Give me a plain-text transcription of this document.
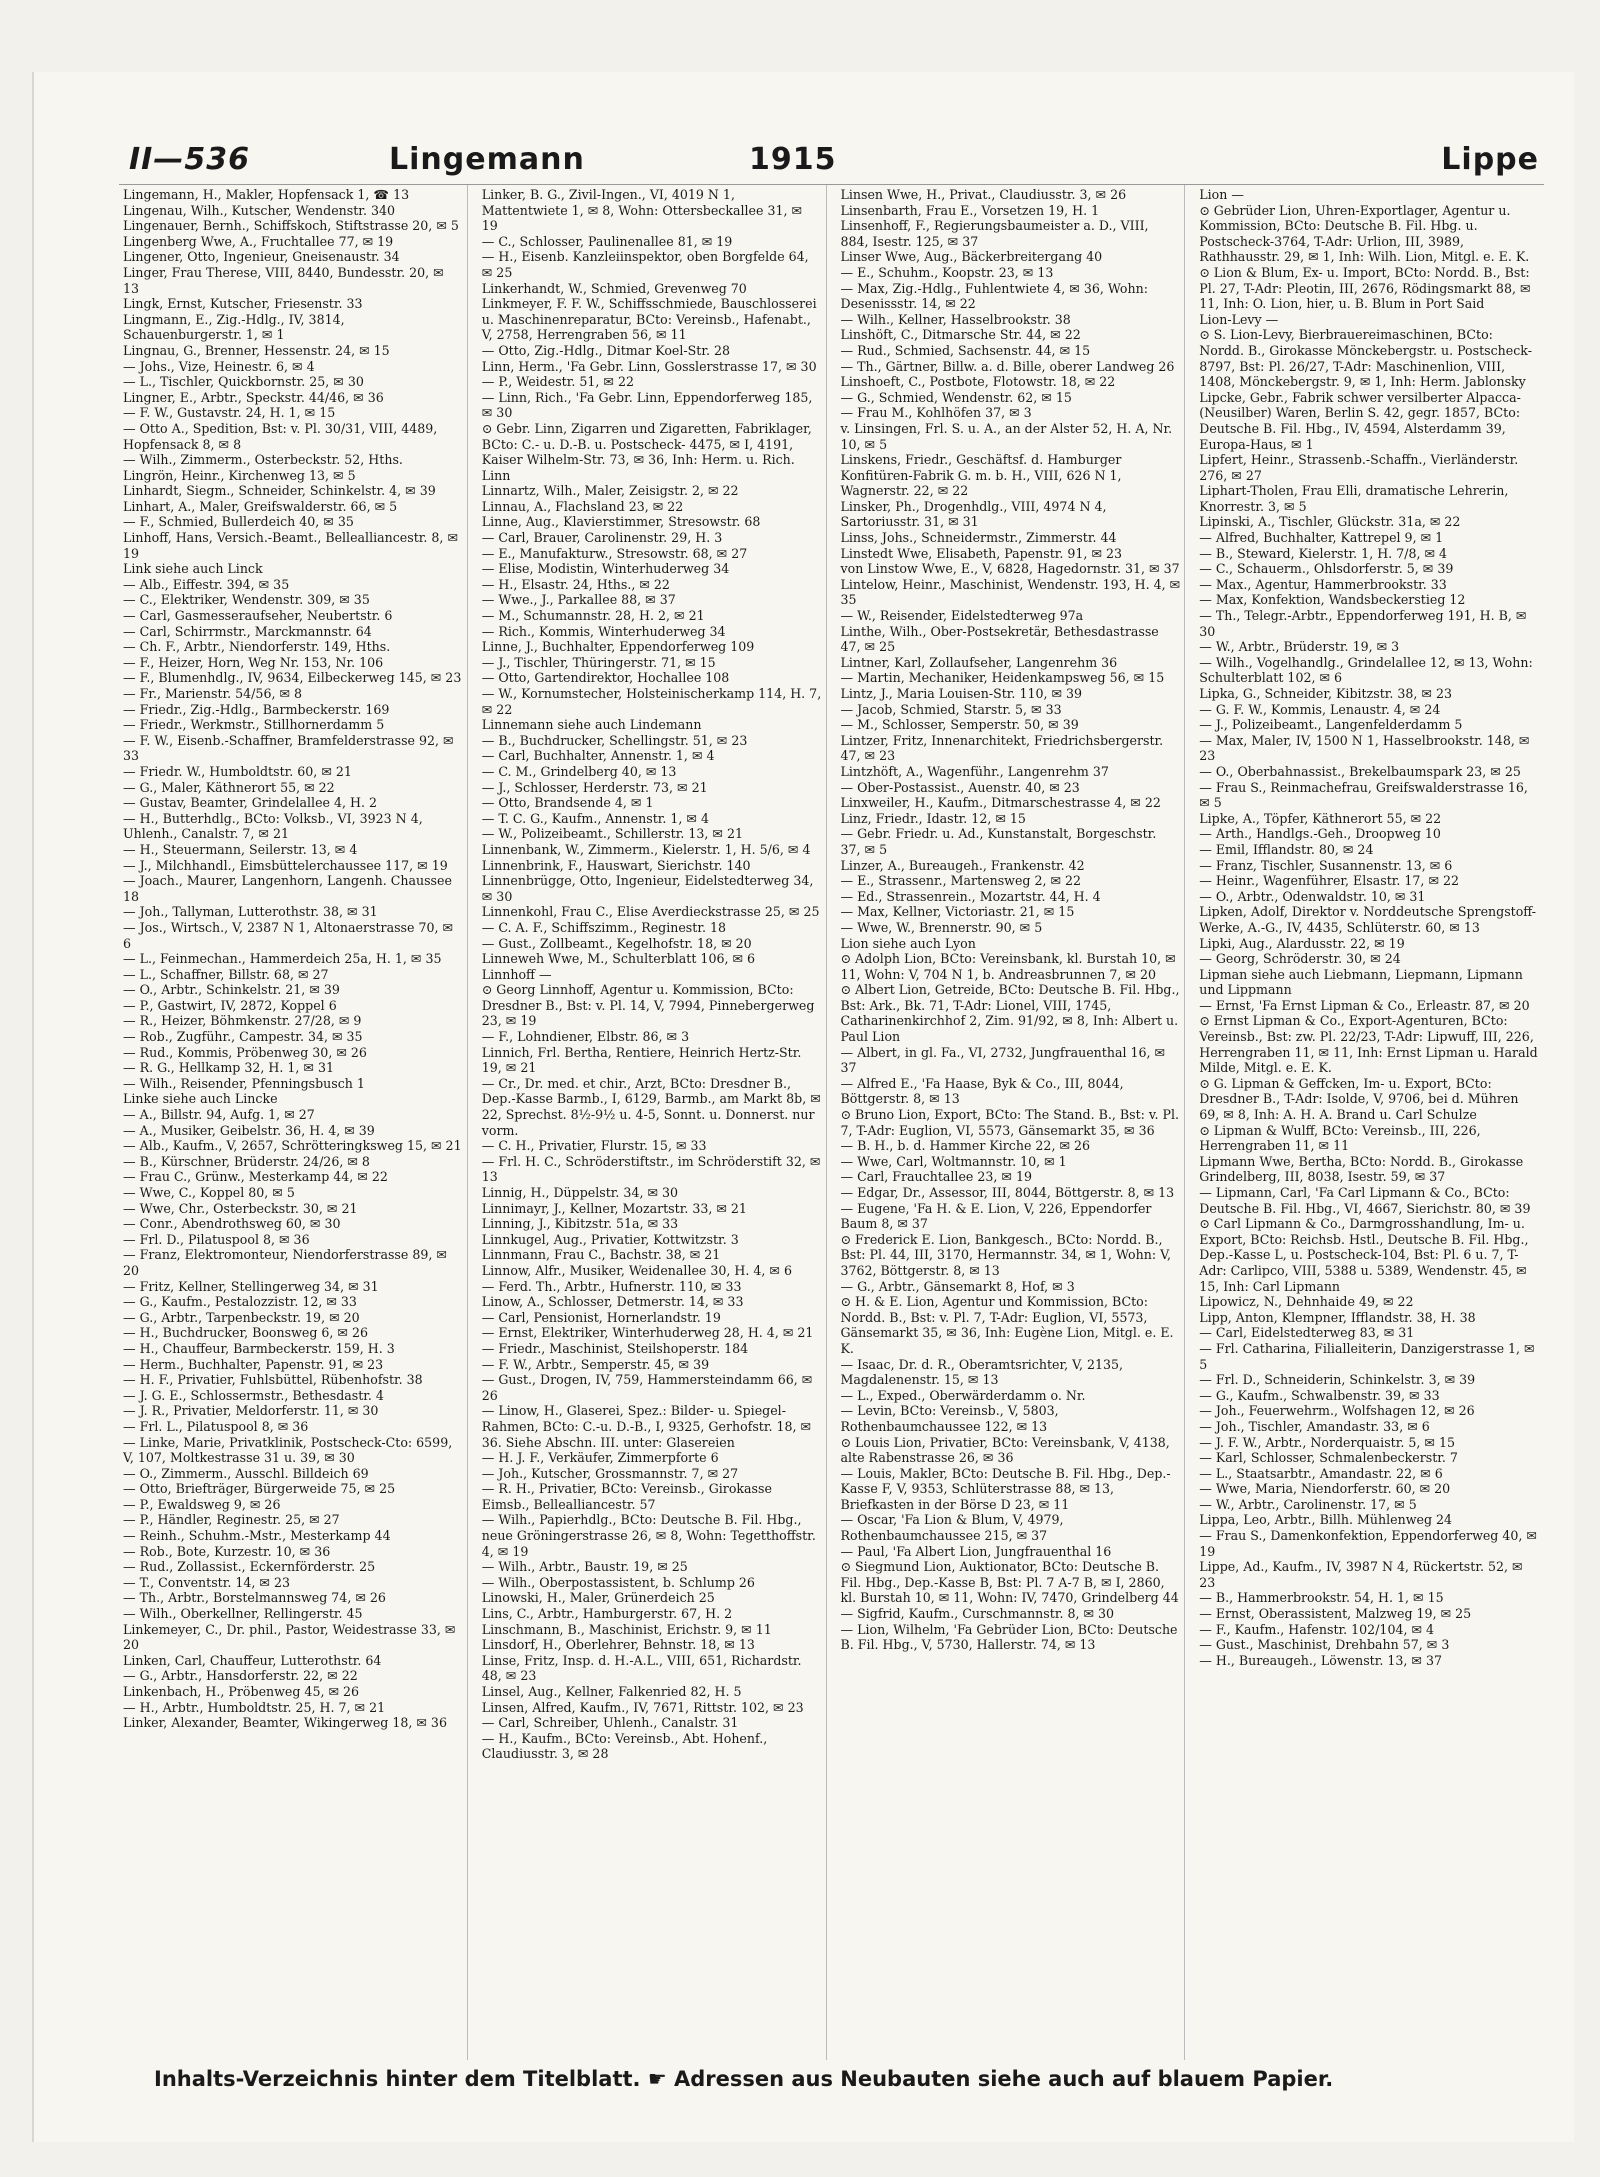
II—536	Lingemann	1915	Lippe

Lingemann, H., Makler, Hopfensack 1, ☎ 13

Lingenau, Wilh., Kutscher, Wendenstr. 340

Lingenauer, Bernh., Schiffskoch, Stiftstrasse 20, ✉ 5

Lingenberg Wwe, A., Fruchtallee 77, ✉ 19

Lingener, Otto, Ingenieur, Gneisenaustr. 34

Linger, Frau Therese, VIII, 8440, Bundesstr. 20, ✉ 13

Lingk, Ernst, Kutscher, Friesenstr. 33

Lingmann, E., Zig.-Hdlg., IV, 3814, Schauenburgerstr. 1, ✉ 1

Lingnau, G., Brenner, Hessenstr. 24, ✉ 15

— Johs., Vize, Heinestr. 6, ✉ 4

— L., Tischler, Quickbornstr. 25, ✉ 30

Lingner, E., Arbtr., Speckstr. 44/46, ✉ 36

— F. W., Gustavstr. 24, H. 1, ✉ 15

— Otto A., Spedition, Bst: v. Pl. 30/31, VIII, 4489, Hopfensack 8, ✉ 8

— Wilh., Zimmerm., Osterbeckstr. 52, Hths.

Lingrön, Heinr., Kirchenweg 13, ✉ 5

Linhardt, Siegm., Schneider, Schinkelstr. 4, ✉ 39

Linhart, A., Maler, Greifswalderstr. 66, ✉ 5

— F., Schmied, Bullerdeich 40, ✉ 35

Linhoff, Hans, Versich.-Beamt., Bellealliancestr. 8, ✉ 19

Link siehe auch Linck

— Alb., Eiffestr. 394, ✉ 35

— C., Elektriker, Wendenstr. 309, ✉ 35

— Carl, Gasmesseraufseher, Neubertstr. 6

— Carl, Schirrmstr., Marckmannstr. 64

— Ch. F., Arbtr., Niendorferstr. 149, Hths.

— F., Heizer, Horn, Weg Nr. 153, Nr. 106

— F., Blumenhdlg., IV, 9634, Eilbeckerweg 145, ✉ 23

— Fr., Marienstr. 54/56, ✉ 8

— Friedr., Zig.-Hdlg., Barmbeckerstr. 169

— Friedr., Werkmstr., Stillhornerdamm 5

— F. W., Eisenb.-Schaffner, Bramfelderstrasse 92, ✉ 33

— Friedr. W., Humboldtstr. 60, ✉ 21

— G., Maler, Käthnerort 55, ✉ 22

— Gustav, Beamter, Grindelallee 4, H. 2

— H., Butterhdlg., BCto: Volksb., VI, 3923 N 4, Uhlenh., Canalstr. 7, ✉ 21

— H., Steuermann, Seilerstr. 13, ✉ 4

— J., Milchhandl., Eimsbüttelerchaussee 117, ✉ 19

— Joach., Maurer, Langenhorn, Langenh. Chaussee 18

— Joh., Tallyman, Lutterothstr. 38, ✉ 31

— Jos., Wirtsch., V, 2387 N 1, Altonaerstrasse 70, ✉ 6

— L., Feinmechan., Hammerdeich 25a, H. 1, ✉ 35

— L., Schaffner, Billstr. 68, ✉ 27

— O., Arbtr., Schinkelstr. 21, ✉ 39

— P., Gastwirt, IV, 2872, Koppel 6

— R., Heizer, Böhmkenstr. 27/28, ✉ 9

— Rob., Zugführ., Campestr. 34, ✉ 35

— Rud., Kommis, Pröbenweg 30, ✉ 26

— R. G., Hellkamp 32, H. 1, ✉ 31

— Wilh., Reisender, Pfenningsbusch 1

Linke siehe auch Lincke

— A., Billstr. 94, Aufg. 1, ✉ 27

— A., Musiker, Geibelstr. 36, H. 4, ✉ 39

— Alb., Kaufm., V, 2657, Schrötteringksweg 15, ✉ 21

— B., Kürschner, Brüderstr. 24/26, ✉ 8

— Frau C., Grünw., Mesterkamp 44, ✉ 22

— Wwe, C., Koppel 80, ✉ 5

— Wwe, Chr., Osterbeckstr. 30, ✉ 21

— Conr., Abendrothsweg 60, ✉ 30

— Frl. D., Pilatuspool 8, ✉ 36

— Franz, Elektromonteur, Niendorferstrasse 89, ✉ 20

— Fritz, Kellner, Stellingerweg 34, ✉ 31

— G., Kaufm., Pestalozzistr. 12, ✉ 33

— G., Arbtr., Tarpenbeckstr. 19, ✉ 20

— H., Buchdrucker, Boonsweg 6, ✉ 26

— H., Chauffeur, Barmbeckerstr. 159, H. 3

— Herm., Buchhalter, Papenstr. 91, ✉ 23

— H. F., Privatier, Fuhlsbüttel, Rübenhofstr. 38

— J. G. E., Schlossermstr., Bethesdastr. 4

— J. R., Privatier, Meldorferstr. 11, ✉ 30

— Frl. L., Pilatuspool 8, ✉ 36

— Linke, Marie, Privatklinik, Postscheck-Cto: 6599, V, 107, Moltkestrasse 31 u. 39, ✉ 30

— O., Zimmerm., Ausschl. Billdeich 69

— Otto, Briefträger, Bürgerweide 75, ✉ 25

— P., Ewaldsweg 9, ✉ 26

— P., Händler, Reginestr. 25, ✉ 27

— Reinh., Schuhm.-Mstr., Mesterkamp 44

— Rob., Bote, Kurzestr. 10, ✉ 36

— Rud., Zollassist., Eckernförderstr. 25

— T., Conventstr. 14, ✉ 23

— Th., Arbtr., Borstelmannsweg 74, ✉ 26

— Wilh., Oberkellner, Rellingerstr. 45

Linkemeyer, C., Dr. phil., Pastor, Weidestrasse 33, ✉ 20

Linken, Carl, Chauffeur, Lutterothstr. 64

— G., Arbtr., Hansdorferstr. 22, ✉ 22

Linkenbach, H., Pröbenweg 45, ✉ 26

— H., Arbtr., Humboldtstr. 25, H. 7, ✉ 21

Linker, Alexander, Beamter, Wikingerweg 18, ✉ 36

Linker, B. G., Zivil-Ingen., VI, 4019 N 1, Mattentwiete 1, ✉ 8, Wohn: Ottersbeckallee 31, ✉ 19

— C., Schlosser, Paulinenallee 81, ✉ 19

— H., Eisenb. Kanzleiinspektor, oben Borgfelde 64, ✉ 25

Linkerhandt, W., Schmied, Grevenweg 70

Linkmeyer, F. F. W., Schiffsschmiede, Bauschlosserei u. Maschinenreparatur, BCto: Vereinsb., Hafenabt., V, 2758, Herrengraben 56, ✉ 11

— Otto, Zig.-Hdlg., Ditmar Koel-Str. 28

Linn, Herm., 'Fa Gebr. Linn, Gosslerstrasse 17, ✉ 30

— P., Weidestr. 51, ✉ 22

— Linn, Rich., 'Fa Gebr. Linn, Eppendorferweg 185, ✉ 30

⊙ Gebr. Linn, Zigarren und Zigaretten, Fabriklager, BCto: C.- u. D.-B. u. Postscheck- 4475, ✉ I, 4191, Kaiser Wilhelm-Str. 73, ✉ 36, Inh: Herm. u. Rich. Linn

Linnartz, Wilh., Maler, Zeisigstr. 2, ✉ 22

Linnau, A., Flachsland 23, ✉ 22

Linne, Aug., Klavierstimmer, Stresowstr. 68

— Carl, Brauer, Carolinenstr. 29, H. 3

— E., Manufakturw., Stresowstr. 68, ✉ 27

— Elise, Modistin, Winterhuderweg 34

— H., Elsastr. 24, Hths., ✉ 22

— Wwe., J., Parkallee 88, ✉ 37

— M., Schumannstr. 28, H. 2, ✉ 21

— Rich., Kommis, Winterhuderweg 34

Linne, J., Buchhalter, Eppendorferweg 109

— J., Tischler, Thüringerstr. 71, ✉ 15

— Otto, Gartendirektor, Hochallee 108

— W., Kornumstecher, Holsteinischerkamp 114, H. 7, ✉ 22

Linnemann siehe auch Lindemann

— B., Buchdrucker, Schellingstr. 51, ✉ 23

— Carl, Buchhalter, Annenstr. 1, ✉ 4

— C. M., Grindelberg 40, ✉ 13

— J., Schlosser, Herderstr. 73, ✉ 21

— Otto, Brandsende 4, ✉ 1

— T. C. G., Kaufm., Annenstr. 1, ✉ 4

— W., Polizeibeamt., Schillerstr. 13, ✉ 21

Linnenbank, W., Zimmerm., Kielerstr. 1, H. 5/6, ✉ 4

Linnenbrink, F., Hauswart, Sierichstr. 140

Linnenbrügge, Otto, Ingenieur, Eidelstedterweg 34, ✉ 30

Linnenkohl, Frau C., Elise Averdieckstrasse 25, ✉ 25

— C. A. F., Schiffszimm., Reginestr. 18

— Gust., Zollbeamt., Kegelhofstr. 18, ✉ 20

Linneweh Wwe, M., Schulterblatt 106, ✉ 6

Linnhoff —

⊙ Georg Linnhoff, Agentur u. Kommission, BCto: Dresdner B., Bst: v. Pl. 14, V, 7994, Pinnebergerweg 23, ✉ 19

— F., Lohndiener, Elbstr. 86, ✉ 3

Linnich, Frl. Bertha, Rentiere, Heinrich Hertz-Str. 19, ✉ 21

— Cr., Dr. med. et chir., Arzt, BCto: Dresdner B., Dep.-Kasse Barmb., I, 6129, Barmb., am Markt 8b, ✉ 22, Sprechst. 8½-9½ u. 4-5, Sonnt. u. Donnerst. nur vorm.

— C. H., Privatier, Flurstr. 15, ✉ 33

— Frl. H. C., Schröderstiftstr., im Schröderstift 32, ✉ 13

Linnig, H., Düppelstr. 34, ✉ 30

Linnimayr, J., Kellner, Mozartstr. 33, ✉ 21

Linning, J., Kibitzstr. 51a, ✉ 33

Linnkugel, Aug., Privatier, Kottwitzstr. 3

Linnmann, Frau C., Bachstr. 38, ✉ 21

Linnow, Alfr., Musiker, Weidenallee 30, H. 4, ✉ 6

— Ferd. Th., Arbtr., Hufnerstr. 110, ✉ 33

Linow, A., Schlosser, Detmerstr. 14, ✉ 33

— Carl, Pensionist, Hornerlandstr. 19

— Ernst, Elektriker, Winterhuderweg 28, H. 4, ✉ 21

— Friedr., Maschinist, Steilshoperstr. 184

— F. W., Arbtr., Semperstr. 45, ✉ 39

— Gust., Drogen, IV, 759, Hammersteindamm 66, ✉ 26

— Linow, H., Glaserei, Spez.: Bilder- u. Spiegel-Rahmen, BCto: C.-u. D.-B., I, 9325, Gerhofstr. 18, ✉ 36. Siehe Abschn. III. unter: Glasereien

— H. J. F., Verkäufer, Zimmerpforte 6

— Joh., Kutscher, Grossmannstr. 7, ✉ 27

— R. H., Privatier, BCto: Vereinsb., Girokasse Eimsb., Bellealliancestr. 57

— Wilh., Papierhdlg., BCto: Deutsche B. Fil. Hbg., neue Gröningerstrasse 26, ✉ 8, Wohn: Tegetthoffstr. 4, ✉ 19

— Wilh., Arbtr., Baustr. 19, ✉ 25

— Wilh., Oberpostassistent, b. Schlump 26

Linowski, H., Maler, Grünerdeich 25

Lins, C., Arbtr., Hamburgerstr. 67, H. 2

Linschmann, B., Maschinist, Erichstr. 9, ✉ 11

Linsdorf, H., Oberlehrer, Behnstr. 18, ✉ 13

Linse, Fritz, Insp. d. H.-A.L., VIII, 651, Richardstr. 48, ✉ 23

Linsel, Aug., Kellner, Falkenried 82, H. 5

Linsen, Alfred, Kaufm., IV, 7671, Rittstr. 102, ✉ 23

— Carl, Schreiber, Uhlenh., Canalstr. 31

— H., Kaufm., BCto: Vereinsb., Abt. Hohenf., Claudiusstr. 3, ✉ 28

Linsen Wwe, H., Privat., Claudiusstr. 3, ✉ 26

Linsenbarth, Frau E., Vorsetzen 19, H. 1

Linsenhoff, F., Regierungsbaumeister a. D., VIII, 884, Isestr. 125, ✉ 37

Linser Wwe, Aug., Bäckerbreitergang 40

— E., Schuhm., Koopstr. 23, ✉ 13

— Max, Zig.-Hdlg., Fuhlentwiete 4, ✉ 36, Wohn: Desenissstr. 14, ✉ 22

— Wilh., Kellner, Hasselbrookstr. 38

Linshöft, C., Ditmarsche Str. 44, ✉ 22

— Rud., Schmied, Sachsenstr. 44, ✉ 15

— Th., Gärtner, Billw. a. d. Bille, oberer Landweg 26

Linshoeft, C., Postbote, Flotowstr. 18, ✉ 22

— G., Schmied, Wendenstr. 62, ✉ 15

— Frau M., Kohlhöfen 37, ✉ 3

v. Linsingen, Frl. S. u. A., an der Alster 52, H. A, Nr. 10, ✉ 5

Linskens, Friedr., Geschäftsf. d. Hamburger Konfitüren-Fabrik G. m. b. H., VIII, 626 N 1, Wagnerstr. 22, ✉ 22

Linsker, Ph., Drogenhdlg., VIII, 4974 N 4, Sartoriusstr. 31, ✉ 31

Linss, Johs., Schneidermstr., Zimmerstr. 44

Linstedt Wwe, Elisabeth, Papenstr. 91, ✉ 23

von Linstow Wwe, E., V, 6828, Hagedornstr. 31, ✉ 37

Lintelow, Heinr., Maschinist, Wendenstr. 193, H. 4, ✉ 35

— W., Reisender, Eidelstedterweg 97a

Linthe, Wilh., Ober-Postsekretär, Bethesdastrasse 47, ✉ 25

Lintner, Karl, Zollaufseher, Langenrehm 36

— Martin, Mechaniker, Heidenkampsweg 56, ✉ 15

Lintz, J., Maria Louisen-Str. 110, ✉ 39

— Jacob, Schmied, Starstr. 5, ✉ 33

— M., Schlosser, Semperstr. 50, ✉ 39

Lintzer, Fritz, Innenarchitekt, Friedrichsbergerstr. 47, ✉ 23

Lintzhöft, A., Wagenführ., Langenrehm 37

— Ober-Postassist., Auenstr. 40, ✉ 23

Linxweiler, H., Kaufm., Ditmarschestrasse 4, ✉ 22

Linz, Friedr., Idastr. 12, ✉ 15

— Gebr. Friedr. u. Ad., Kunstanstalt, Borgeschstr. 37, ✉ 5

Linzer, A., Bureaugeh., Frankenstr. 42

— E., Strassenr., Martensweg 2, ✉ 22

— Ed., Strassenrein., Mozartstr. 44, H. 4

— Max, Kellner, Victoriastr. 21, ✉ 15

— Wwe, W., Brennerstr. 90, ✉ 5

Lion siehe auch Lyon

⊙ Adolph Lion, BCto: Vereinsbank, kl. Burstah 10, ✉ 11, Wohn: V, 704 N 1, b. Andreasbrunnen 7, ✉ 20

⊙ Albert Lion, Getreide, BCto: Deutsche B. Fil. Hbg., Bst: Ark., Bk. 71, T-Adr: Lionel, VIII, 1745, Catharinenkirchhof 2, Zim. 91/92, ✉ 8, Inh: Albert u. Paul Lion

— Albert, in gl. Fa., VI, 2732, Jungfrauenthal 16, ✉ 37

— Alfred E., 'Fa Haase, Byk & Co., III, 8044, Böttgerstr. 8, ✉ 13

⊙ Bruno Lion, Export, BCto: The Stand. B., Bst: v. Pl. 7, T-Adr: Euglion, VI, 5573, Gänsemarkt 35, ✉ 36

— B. H., b. d. Hammer Kirche 22, ✉ 26

— Wwe, Carl, Woltmannstr. 10, ✉ 1

— Carl, Frauchtallee 23, ✉ 19

— Edgar, Dr., Assessor, III, 8044, Böttgerstr. 8, ✉ 13

— Eugene, 'Fa H. & E. Lion, V, 226, Eppendorfer Baum 8, ✉ 37

⊙ Frederick E. Lion, Bankgesch., BCto: Nordd. B., Bst: Pl. 44, III, 3170, Hermannstr. 34, ✉ 1, Wohn: V, 3762, Böttgerstr. 8, ✉ 13

— G., Arbtr., Gänsemarkt 8, Hof, ✉ 3

⊙ H. & E. Lion, Agentur und Kommission, BCto: Nordd. B., Bst: v. Pl. 7, T-Adr: Euglion, VI, 5573, Gänsemarkt 35, ✉ 36, Inh: Eugène Lion, Mitgl. e. E. K.

— Isaac, Dr. d. R., Oberamtsrichter, V, 2135, Magdalenenstr. 15, ✉ 13

— L., Exped., Oberwärderdamm o. Nr.

— Levin, BCto: Vereinsb., V, 5803, Rothenbaumchaussee 122, ✉ 13

⊙ Louis Lion, Privatier, BCto: Vereinsbank, V, 4138, alte Rabenstrasse 26, ✉ 36

— Louis, Makler, BCto: Deutsche B. Fil. Hbg., Dep.-Kasse F, V, 9353, Schlüterstrasse 88, ✉ 13, Briefkasten in der Börse D 23, ✉ 11

— Oscar, 'Fa Lion & Blum, V, 4979, Rothenbaumchaussee 215, ✉ 37

— Paul, 'Fa Albert Lion, Jungfrauenthal 16

⊙ Siegmund Lion, Auktionator, BCto: Deutsche B. Fil. Hbg., Dep.-Kasse B, Bst: Pl. 7 A-7 B, ✉ I, 2860, kl. Burstah 10, ✉ 11, Wohn: IV, 7470, Grindelberg 44

— Sigfrid, Kaufm., Curschmannstr. 8, ✉ 30

— Lion, Wilhelm, 'Fa Gebrüder Lion, BCto: Deutsche B. Fil. Hbg., V, 5730, Hallerstr. 74, ✉ 13

Lion —

⊙ Gebrüder Lion, Uhren-Exportlager, Agentur u. Kommission, BCto: Deutsche B. Fil. Hbg. u. Postscheck-3764, T-Adr: Urlion, III, 3989, Rathhausstr. 29, ✉ 1, Inh: Wilh. Lion, Mitgl. e. E. K.

⊙ Lion & Blum, Ex- u. Import, BCto: Nordd. B., Bst: Pl. 27, T-Adr: Pleotin, III, 2676, Rödingsmarkt 88, ✉ 11, Inh: O. Lion, hier, u. B. Blum in Port Said

Lion-Levy —

⊙ S. Lion-Levy, Bierbrauereimaschinen, BCto: Nordd. B., Girokasse Mönckebergstr. u. Postscheck- 8797, Bst: Pl. 26/27, T-Adr: Maschinenlion, VIII, 1408, Mönckebergstr. 9, ✉ 1, Inh: Herm. Jablonsky

Lipcke, Gebr., Fabrik schwer versilberter Alpacca-(Neusilber) Waren, Berlin S. 42, gegr. 1857, BCto: Deutsche B. Fil. Hbg., IV, 4594, Alsterdamm 39, Europa-Haus, ✉ 1

Lipfert, Heinr., Strassenb.-Schaffn., Vierländerstr. 276, ✉ 27

Liphart-Tholen, Frau Elli, dramatische Lehrerin, Knorrestr. 3, ✉ 5

Lipinski, A., Tischler, Glückstr. 31a, ✉ 22

— Alfred, Buchhalter, Kattrepel 9, ✉ 1

— B., Steward, Kielerstr. 1, H. 7/8, ✉ 4

— C., Schauerm., Ohlsdorferstr. 5, ✉ 39

— Max., Agentur, Hammerbrookstr. 33

— Max, Konfektion, Wandsbeckerstieg 12

— Th., Telegr.-Arbtr., Eppendorferweg 191, H. B, ✉ 30

— W., Arbtr., Brüderstr. 19, ✉ 3

— Wilh., Vogelhandlg., Grindelallee 12, ✉ 13, Wohn: Schulterblatt 102, ✉ 6

Lipka, G., Schneider, Kibitzstr. 38, ✉ 23

— G. F. W., Kommis, Lenaustr. 4, ✉ 24

— J., Polizeibeamt., Langenfelderdamm 5

— Max, Maler, IV, 1500 N 1, Hasselbrookstr. 148, ✉ 23

— O., Oberbahnassist., Brekelbaumspark 23, ✉ 25

— Frau S., Reinmachefrau, Greifswalderstrasse 16, ✉ 5

Lipke, A., Töpfer, Käthnerort 55, ✉ 22

— Arth., Handlgs.-Geh., Droopweg 10

— Emil, Ifflandstr. 80, ✉ 24

— Franz, Tischler, Susannenstr. 13, ✉ 6

— Heinr., Wagenführer, Elsastr. 17, ✉ 22

— O., Arbtr., Odenwaldstr. 10, ✉ 31

Lipken, Adolf, Direktor v. Norddeutsche Sprengstoff-Werke, A.-G., IV, 4435, Schlüterstr. 60, ✉ 13

Lipki, Aug., Alardusstr. 22, ✉ 19

— Georg, Schröderstr. 30, ✉ 24

Lipman siehe auch Liebmann, Liepmann, Lipmann und Lippmann

— Ernst, 'Fa Ernst Lipman & Co., Erleastr. 87, ✉ 20

⊙ Ernst Lipman & Co., Export-Agenturen, BCto: Vereinsb., Bst: zw. Pl. 22/23, T-Adr: Lipwuff, III, 226, Herrengraben 11, ✉ 11, Inh: Ernst Lipman u. Harald Milde, Mitgl. e. E. K.

⊙ G. Lipman & Geffcken, Im- u. Export, BCto: Dresdner B., T-Adr: Isolde, V, 9706, bei d. Mühren 69, ✉ 8, Inh: A. H. A. Brand u. Carl Schulze

⊙ Lipman & Wulff, BCto: Vereinsb., III, 226, Herrengraben 11, ✉ 11

Lipmann Wwe, Bertha, BCto: Nordd. B., Girokasse Grindelberg, III, 8038, Isestr. 59, ✉ 37

— Lipmann, Carl, 'Fa Carl Lipmann & Co., BCto: Deutsche B. Fil. Hbg., VI, 4667, Sierichstr. 80, ✉ 39

⊙ Carl Lipmann & Co., Darmgrosshandlung, Im- u. Export, BCto: Reichsb. Hstl., Deutsche B. Fil. Hbg., Dep.-Kasse L, u. Postscheck-104, Bst: Pl. 6 u. 7, T-Adr: Carlipco, VIII, 5388 u. 5389, Wendenstr. 45, ✉ 15, Inh: Carl Lipmann

Lipowicz, N., Dehnhaide 49, ✉ 22

Lipp, Anton, Klempner, Ifflandstr. 38, H. 38

— Carl, Eidelstedterweg 83, ✉ 31

— Frl. Catharina, Filialleiterin, Danzigerstrasse 1, ✉ 5

— Frl. D., Schneiderin, Schinkelstr. 3, ✉ 39

— G., Kaufm., Schwalbenstr. 39, ✉ 33

— Joh., Feuerwehrm., Wolfshagen 12, ✉ 26

— Joh., Tischler, Amandastr. 33, ✉ 6

— J. F. W., Arbtr., Norderquaistr. 5, ✉ 15

— Karl, Schlosser, Schmalenbeckerstr. 7

— L., Staatsarbtr., Amandastr. 22, ✉ 6

— Wwe, Maria, Niendorferstr. 60, ✉ 20

— W., Arbtr., Carolinenstr. 17, ✉ 5

Lippa, Leo, Arbtr., Billh. Mühlenweg 24

— Frau S., Damenkonfektion, Eppendorferweg 40, ✉ 19

Lippe, Ad., Kaufm., IV, 3987 N 4, Rückertstr. 52, ✉ 23

— B., Hammerbrookstr. 54, H. 1, ✉ 15

— Ernst, Oberassistent, Malzweg 19, ✉ 25

— F., Kaufm., Hafenstr. 102/104, ✉ 4

— Gust., Maschinist, Drehbahn 57, ✉ 3

— H., Bureaugeh., Löwenstr. 13, ✉ 37

Inhalts-Verzeichnis hinter dem Titelblatt. ☛ Adressen aus Neubauten siehe auch auf blauem Papier.
